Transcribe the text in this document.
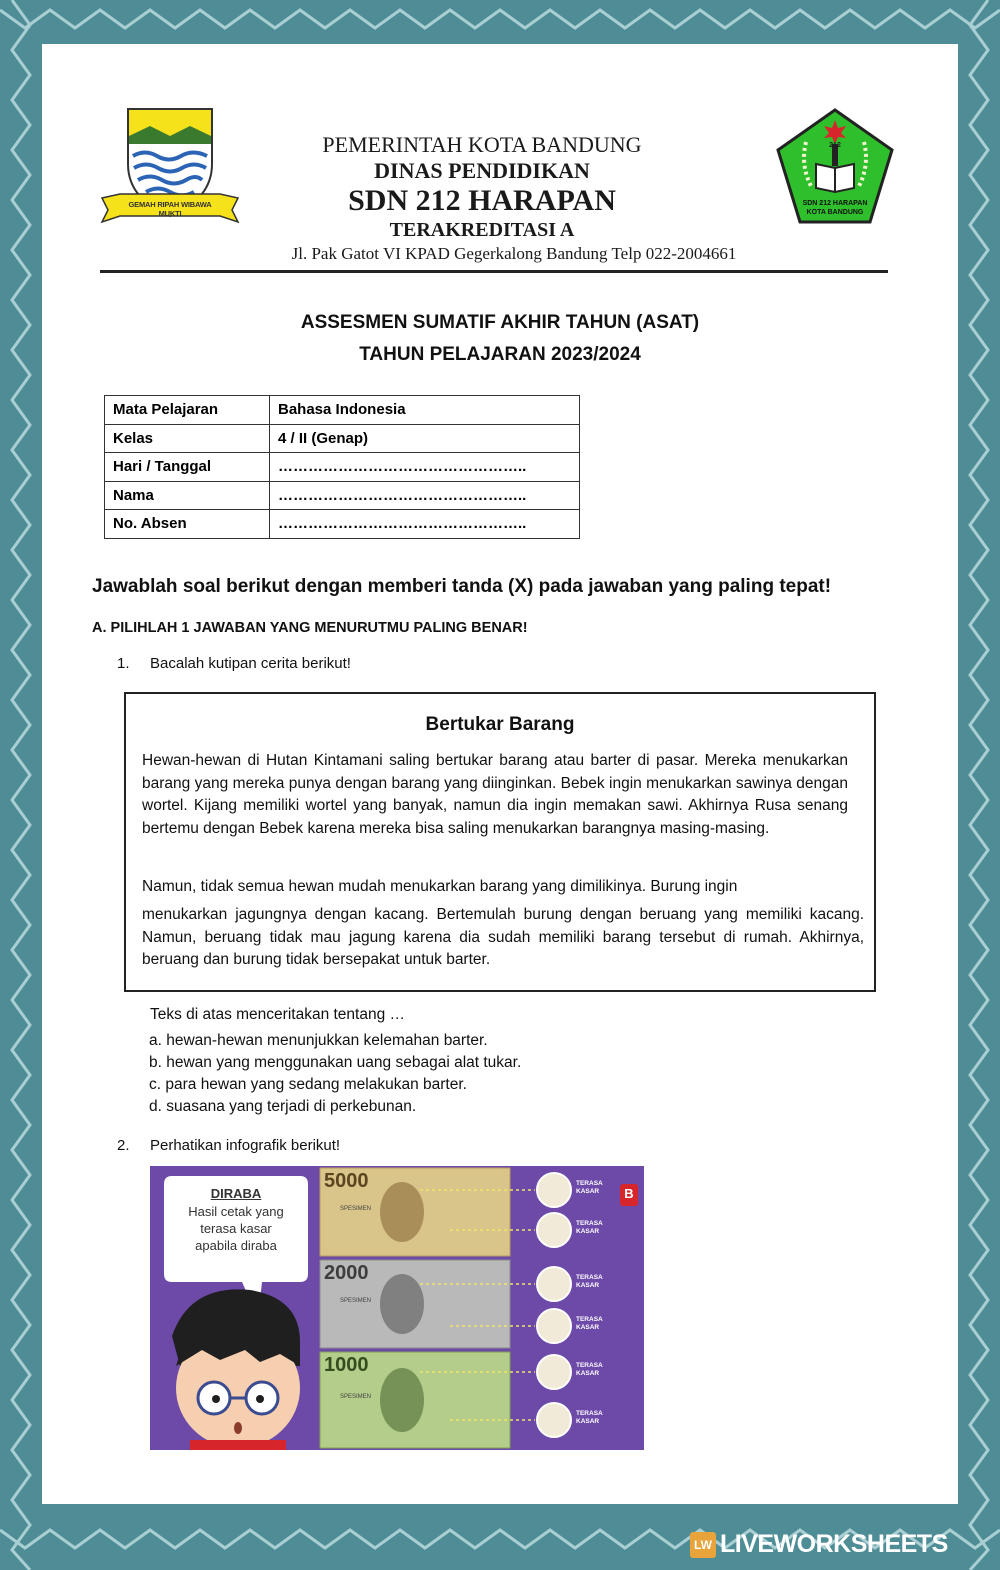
GEMAH RIPAH WIBAWA MUKTI
PEMERINTAH KOTA BANDUNG
DINAS PENDIDIKAN
SDN 212 HARAPAN
TERAKREDITASI A
Jl. Pak Gatot VI KPAD Gegerkalong Bandung Telp 022-2004661
212
SDN 212 HARAPAN
KOTA BANDUNG
ASSESMEN SUMATIF AKHIR TAHUN (ASAT)
TAHUN PELAJARAN 2023/2024
Mata Pelajaran	Bahasa Indonesia
Kelas	4 / II (Genap)
Hari / Tanggal	…………………………………………..
Nama	…………………………………………..
No. Absen	…………………………………………..
Jawablah soal berikut dengan memberi tanda (X) pada jawaban yang paling tepat!
A. PILIHLAH 1 JAWABAN YANG MENURUTMU PALING BENAR!
1. Bacalah kutipan cerita berikut!
Bertukar Barang
Hewan-hewan di Hutan Kintamani saling bertukar barang atau barter di pasar. Mereka menukarkan barang yang mereka punya dengan barang yang diinginkan. Bebek ingin menukarkan sawinya dengan wortel. Kijang memiliki wortel yang banyak, namun dia ingin memakan sawi. Akhirnya Rusa senang bertemu dengan Bebek karena mereka bisa saling menukarkan barangnya masing-masing.
Namun, tidak semua hewan mudah menukarkan barang yang dimilikinya. Burung ingin
menukarkan jagungnya dengan kacang. Bertemulah burung dengan beruang yang memiliki kacang. Namun, beruang tidak mau jagung karena dia sudah memiliki barang tersebut di rumah. Akhirnya, beruang dan burung tidak bersepakat untuk barter.
Teks di atas menceritakan tentang …
a. hewan-hewan menunjukkan kelemahan barter.
b. hewan yang menggunakan uang sebagai alat tukar.
c. para hewan yang sedang melakukan barter.
d. suasana yang terjadi di perkebunan.
2. Perhatikan infografik berikut!
DIRABA
Hasil cetak yang
terasa kasar
apabila diraba
5000
2000
1000
SPESIMEN
SPESIMEN
SPESIMEN
B
TERASA
KASAR
TERASA
KASAR
TERASA
KASAR
TERASA
KASAR
TERASA
KASAR
TERASA
KASAR
LW LIVEWORKSHEETS
